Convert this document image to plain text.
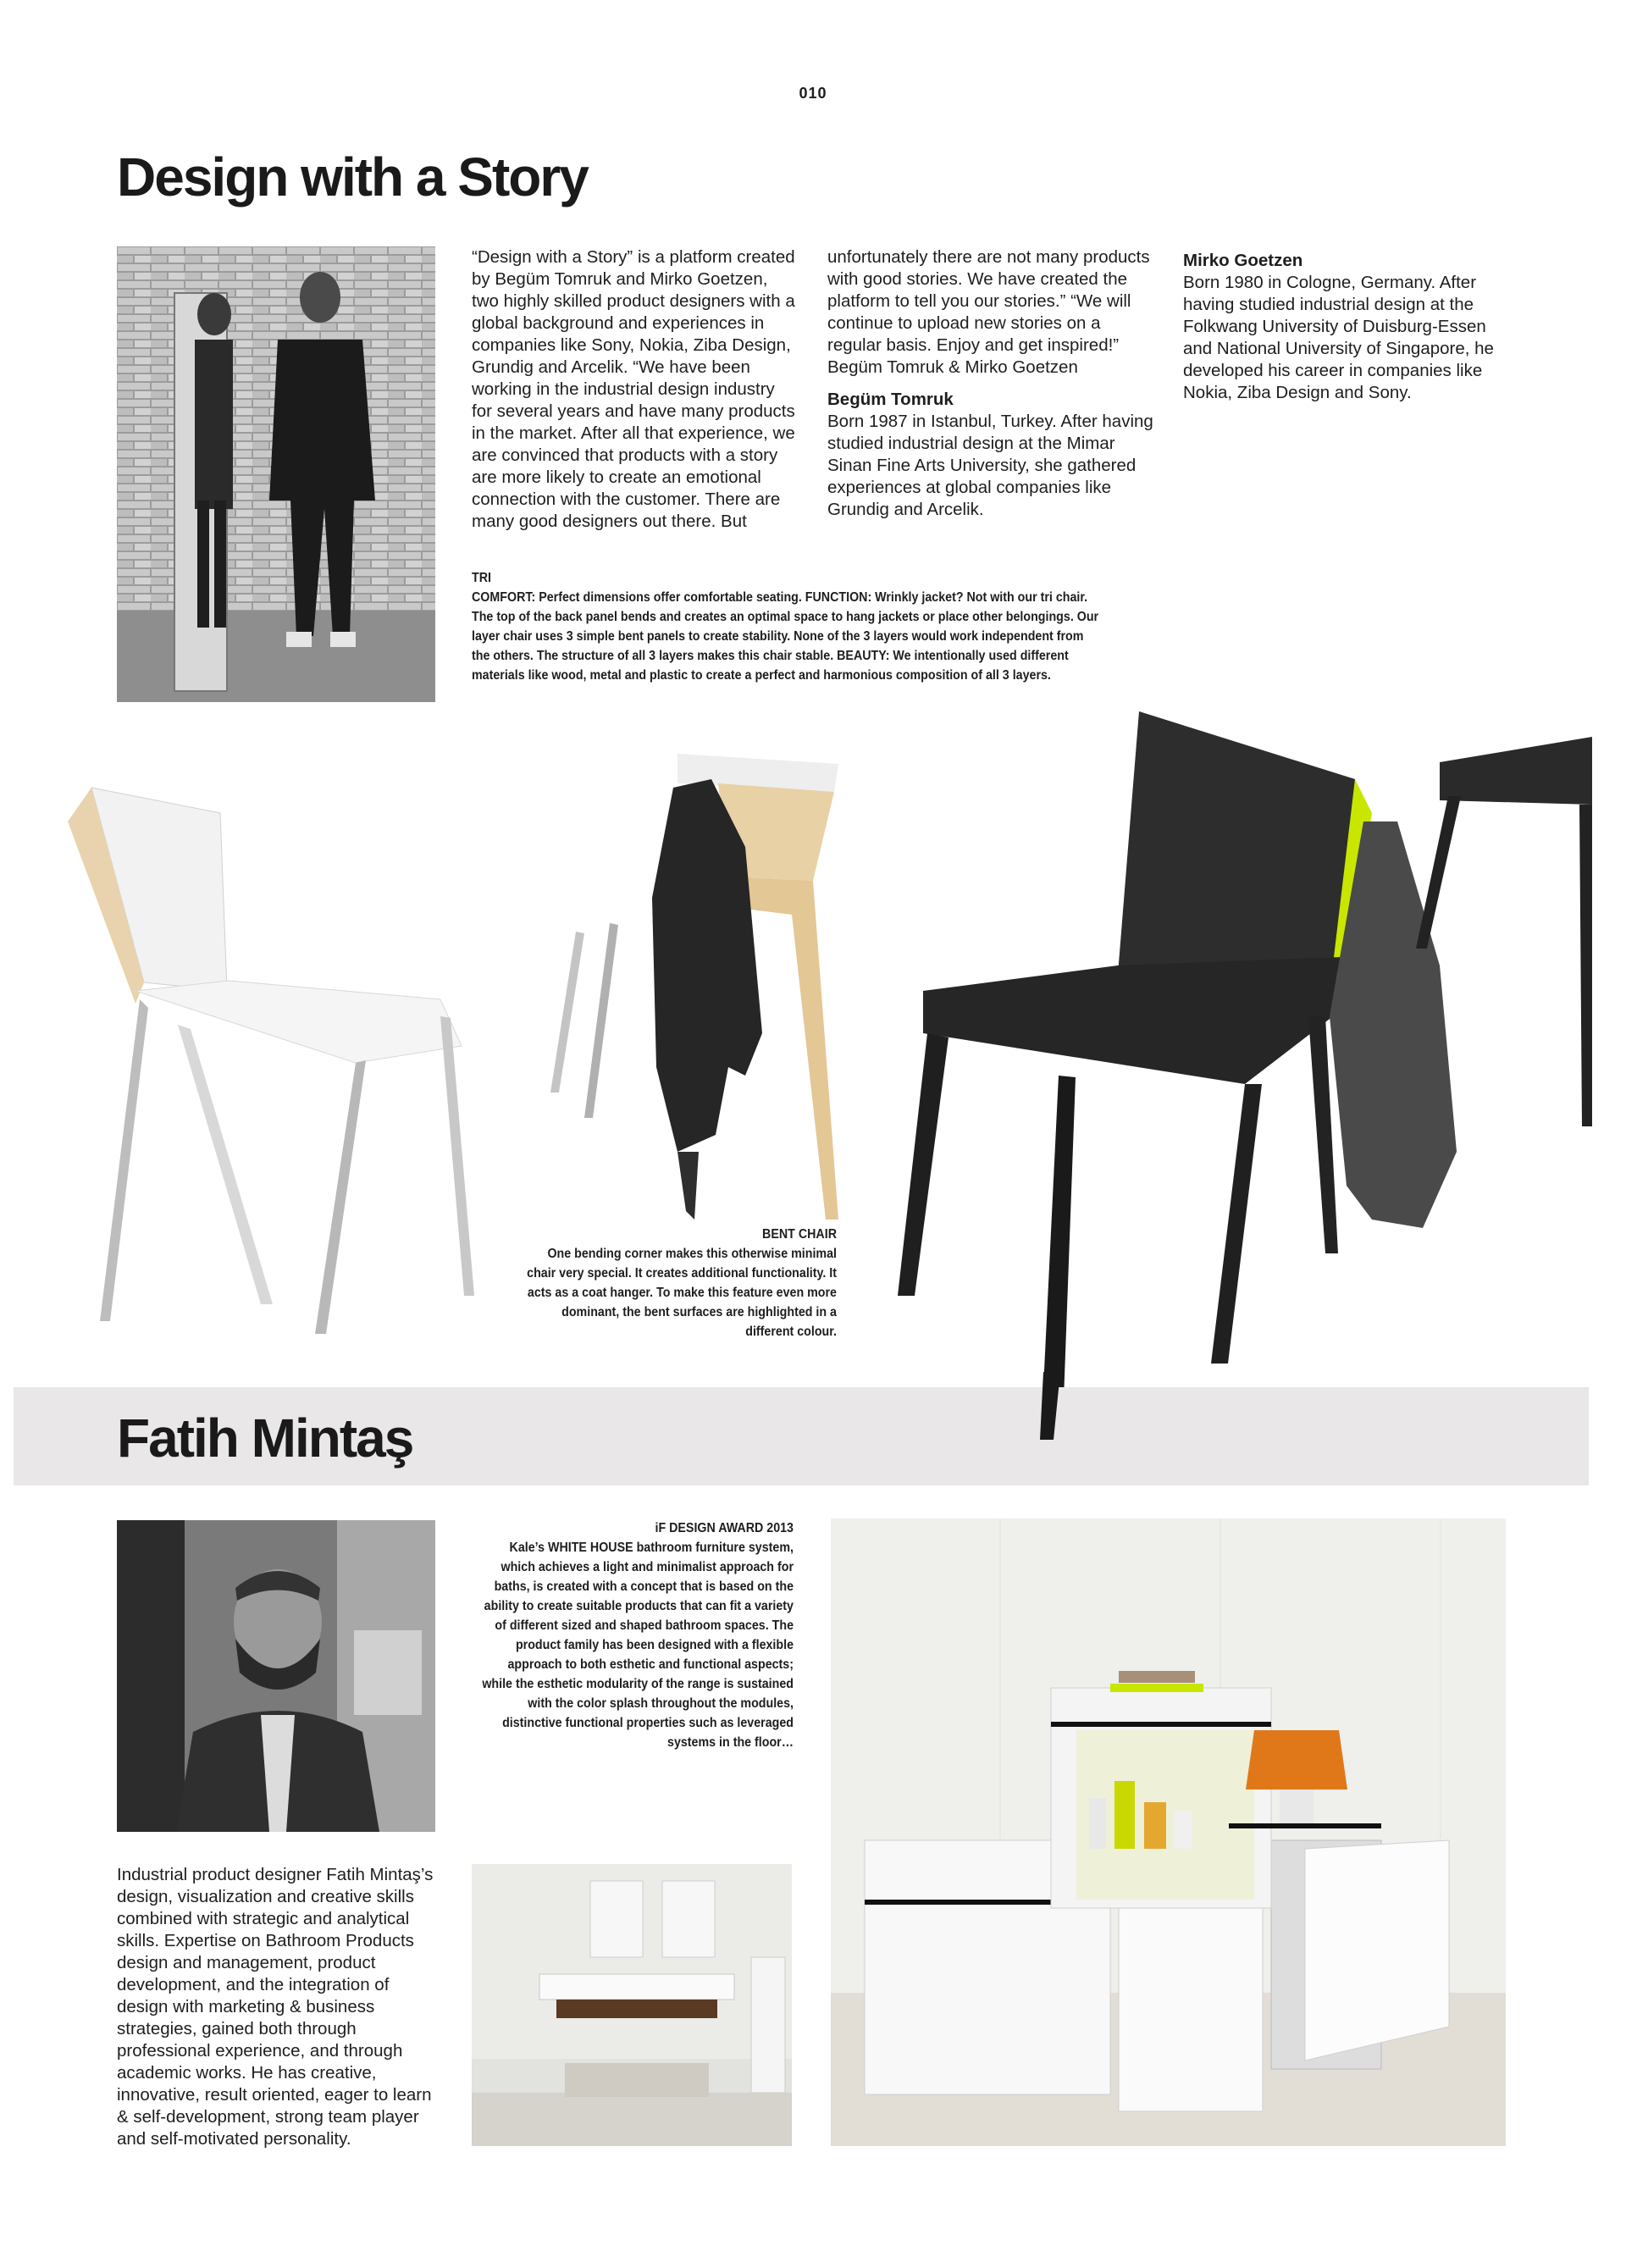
010
Design with a Story

“Design with a Story” is a platform created by Begüm Tomruk and Mirko Goetzen, two highly skilled product designers with a global background and experiences in companies like Sony, Nokia, Ziba Design, Grundig and Arcelik. “We have been working in the industrial design industry for several years and have many products in the market. After all that experience, we are convinced that products with a story are more likely to create an emotional connection with the customer. There are many good designers out there. But

unfortunately there are not many products with good stories. We have created the platform to tell you our stories.” “We will continue to upload new stories on a regular basis. Enjoy and get inspired!”

Begüm Tomruk & Mirko Goetzen

Begüm Tomruk

Born 1987 in Istanbul, Turkey. After having studied industrial design at the Mimar Sinan Fine Arts University, she gathered experiences at global companies like Grundig and Arcelik.

Mirko Goetzen

Born 1980 in Cologne, Germany. After having studied industrial design at the Folkwang University of Duisburg-Essen and National University of Singapore, he developed his career in companies like Nokia, Ziba Design and Sony.

TRI
COMFORT: Perfect dimensions offer comfortable seating. FUNCTION: Wrinkly jacket? Not with our tri chair. The top of the back panel bends and creates an optimal space to hang jackets or place other belongings. Our layer chair uses 3 simple bent panels to create stability. None of the 3 layers would work independent from the others. The structure of all 3 layers makes this chair stable. BEAUTY: We intentionally used different materials like wood, metal and plastic to create a perfect and harmonious composition of all 3 layers.
BENT CHAIR
One bending corner makes this otherwise minimal chair very special. It creates additional functionality. It acts as a coat hanger. To make this feature even more dominant, the bent surfaces are highlighted in a different colour.
Fatih Mintaş
iF DESIGN AWARD 2013
Kale’s WHITE HOUSE bathroom furniture system, which achieves a light and minimalist approach for baths, is created with a concept that is based on the ability to create suitable products that can fit a variety of different sized and shaped bathroom spaces. The product family has been designed with a flexible approach to both esthetic and functional aspects; while the esthetic modularity of the range is sustained with the color splash throughout the modules, distinctive functional properties such as leveraged systems in the floor…

Industrial product designer Fatih Mintaş’s design, visualization and creative skills combined with strategic and analytical skills. Expertise on Bathroom Products design and management, product development, and the integration of design with marketing & business strategies, gained both through professional experience, and through academic works. He has creative, innovative, result oriented, eager to learn & self-development, strong team player and self-motivated personality.
